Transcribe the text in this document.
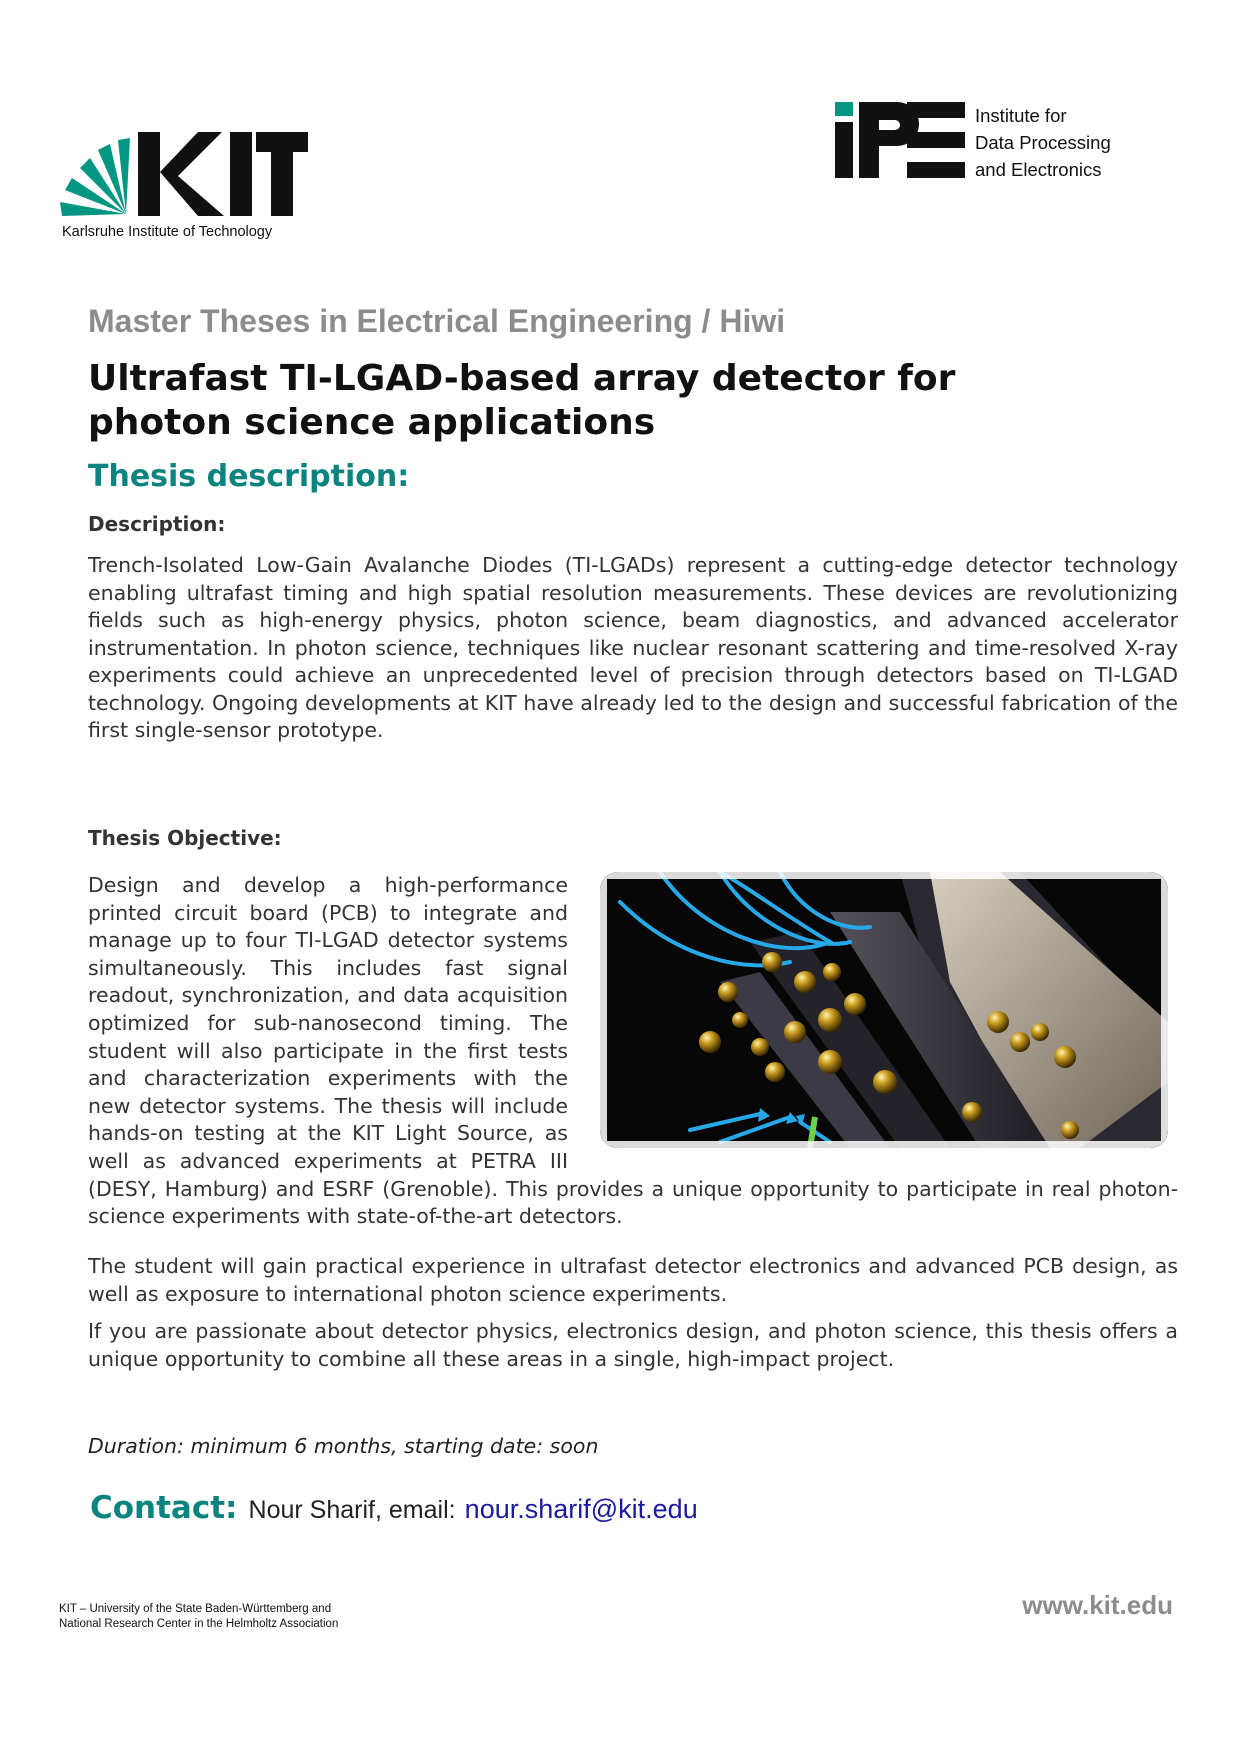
KIT
Karlsruhe Institute of Technology
Institute for
Data Processing
and Electronics
Master Theses in Electrical Engineering / Hiwi
Ultrafast TI-LGAD-based array detector for
photon science applications
Thesis description:
Description:

Trench-Isolated Low-Gain Avalanche Diodes (TI-LGADs) represent a cutting-edge detector technology enabling ultrafast timing and high spatial resolution measurements. These devices are revolutionizing fields such as high-energy physics, photon science, beam diagnostics, and advanced accelerator instrumentation. In photon science, techniques like nuclear resonant scattering and time-resolved X-ray experiments could achieve an unprecedented level of precision through detectors based on TI-LGAD technology. Ongoing developments at KIT have already led to the design and successful fabrication of the first single-sensor prototype.

Thesis Objective:
Design and develop a high-performance printed circuit board (PCB) to integrate and manage up to four TI-LGAD detector systems simultaneously. This includes fast signal readout, synchronization, and data acquisition optimized for sub-nanosecond timing. The student will also participate in the first tests and characterization experiments with the new detector systems. The thesis will include hands-on testing at the KIT Light Source, as well as advanced experiments at PETRA III (DESY, Hamburg) and ESRF (Grenoble). This provides a unique opportunity to participate in real photon-science experiments with state-of-the-art detectors.

The student will gain practical experience in ultrafast detector electronics and advanced PCB design, as well as exposure to international photon science experiments.

If you are passionate about detector physics, electronics design, and photon science, this thesis offers a unique opportunity to combine all these areas in a single, high-impact project.

Duration: minimum 6 months, starting date: soon

Contact: Nour Sharif, email: nour.sharif@kit.edu
KIT – University of the State Baden-Württemberg and
National Research Center in the Helmholtz Association
www.kit.edu
